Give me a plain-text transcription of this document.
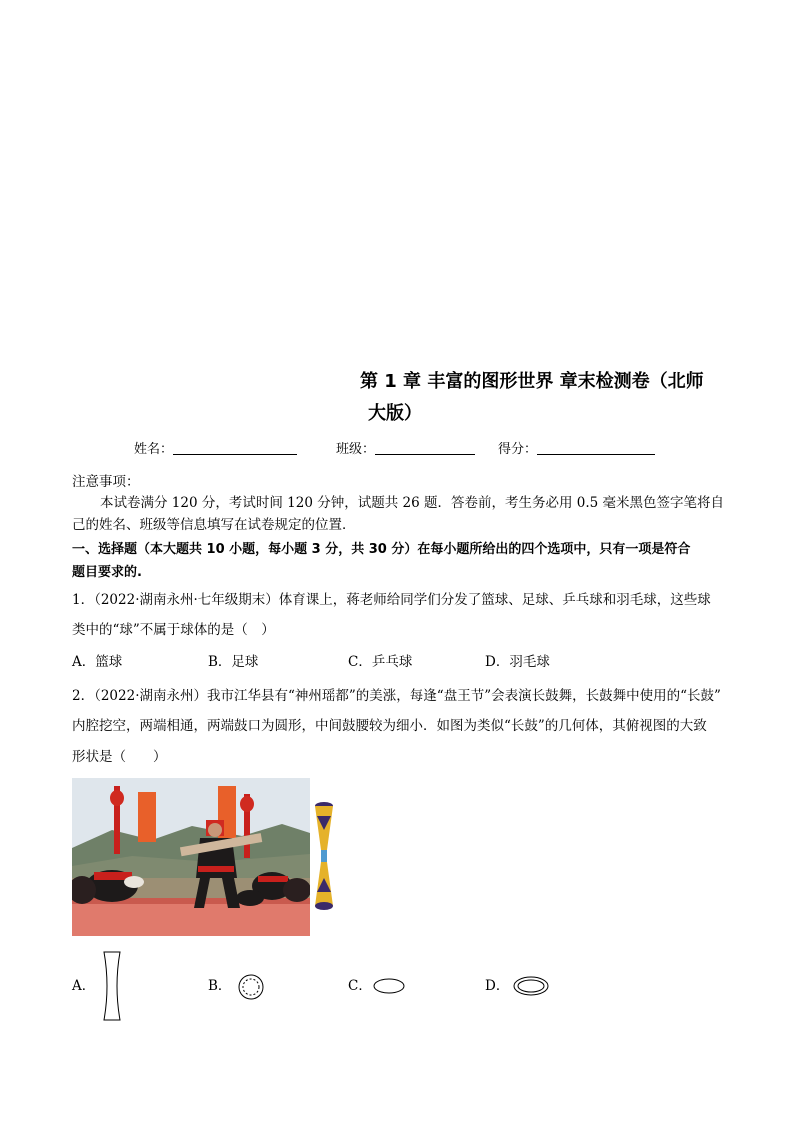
第 1 章 丰富的图形世界 章末检测卷（北师
大版）
姓名：	班级：	得分：
注意事项：
本试卷满分 120 分，考试时间 120 分钟，试题共 26 题．答卷前，考生务必用 0.5 毫米黑色签字笔将自
己的姓名、班级等信息填写在试卷规定的位置．
一、选择题（本大题共 10 小题，每小题 3 分，共 30 分）在每小题所给出的四个选项中，只有一项是符合
题目要求的.
1．（2022·湖南永州·七年级期末）体育课上，蒋老师给同学们分发了篮球、足球、乒乓球和羽毛球，这些球
类中的“球”不属于球体的是（　）
A．篮球	B．足球	C．乒乓球	D．羽毛球
2．（2022·湖南永州）我市江华县有“神州瑶都”的美涨，每逢“盘王节”会表演长鼓舞，长鼓舞中使用的“长鼓”
内腔挖空，两端相通，两端鼓口为圆形，中间鼓腰较为细小．如图为类似“长鼓”的几何体，其俯视图的大致
形状是（　　）
A．	B．	C．	D．
